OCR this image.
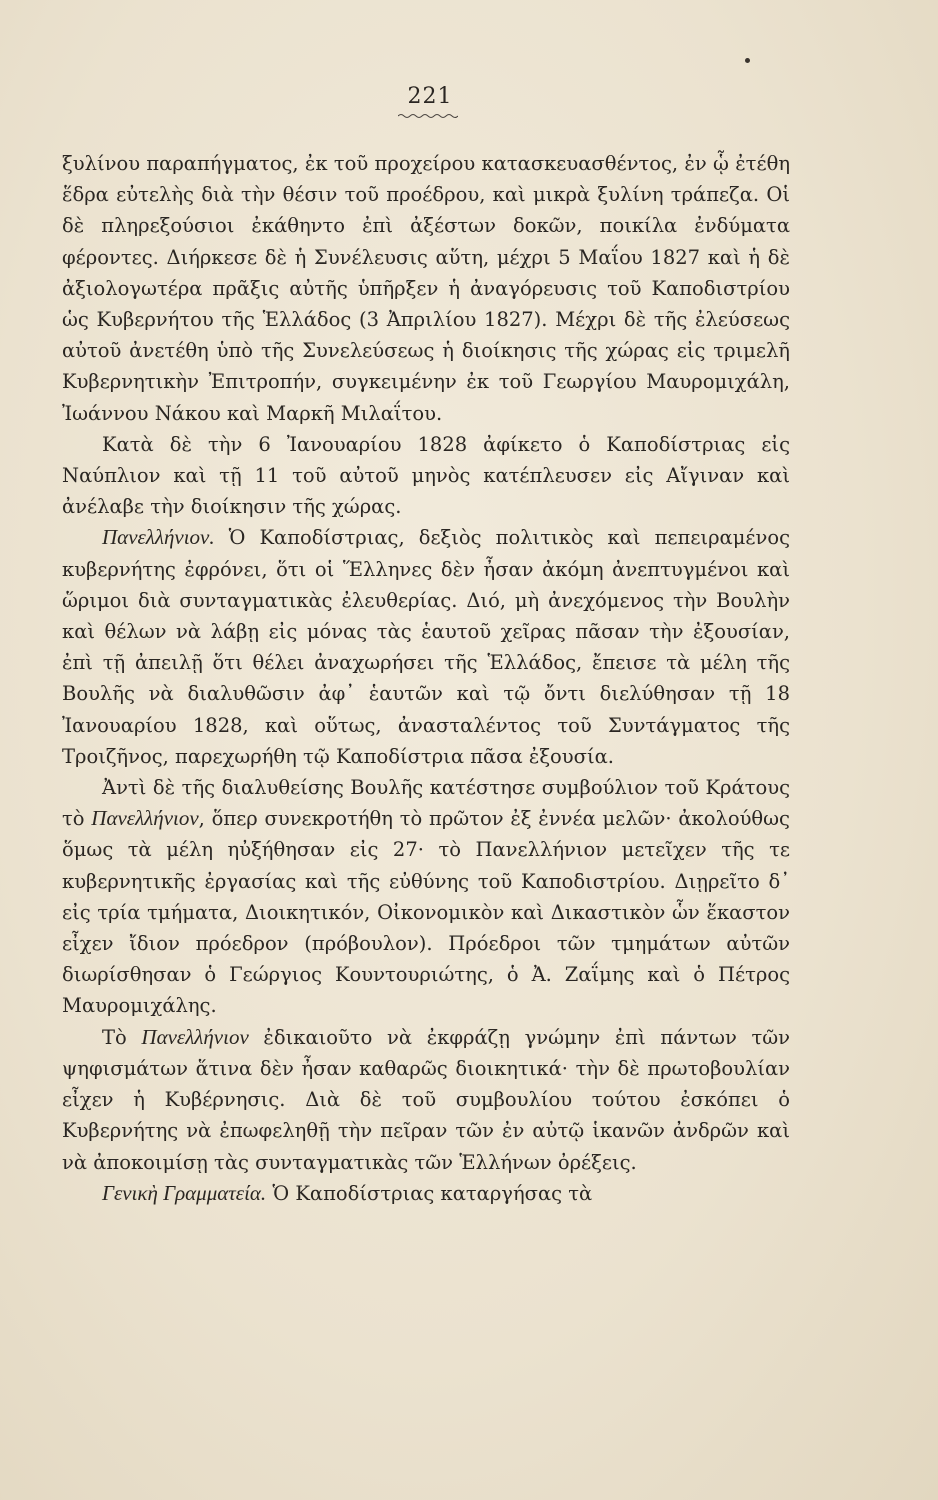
221

ξυλίνου παραπήγματος, ἐκ τοῦ προχείρου κατασκευασθέντος, ἐν ᾧ ἐτέθη ἕδρα εὐτελὴς διὰ τὴν θέσιν τοῦ προέδρου, καὶ μικρὰ ξυλίνη τράπεζα. Οἱ δὲ πληρεξούσιοι ἐκάθηντο ἐπὶ ἀξέστων δοκῶν, ποικίλα ἐνδύματα φέροντες. Διήρκεσε δὲ ἡ Συνέλευσις αὕτη, μέχρι 5 Μαΐου 1827 καὶ ἡ δὲ ἀξιολογωτέρα πρᾶξις αὐτῆς ὑπῆρξεν ἡ ἀναγόρευσις τοῦ Καποδιστρίου ὡς Κυβερνήτου τῆς Ἑλλάδος (3 Ἀπριλίου 1827). Μέχρι δὲ τῆς ἐλεύσεως αὐτοῦ ἀνετέθη ὑπὸ τῆς Συνελεύσεως ἡ διοίκησις τῆς χώρας εἰς τριμελῆ Κυβερνητικὴν Ἐπιτροπήν, συγκειμένην ἐκ τοῦ Γεωργίου Μαυρομιχάλη, Ἰωάννου Νάκου καὶ Μαρκῆ Μιλαΐτου.

Κατὰ δὲ τὴν 6 Ἰανουαρίου 1828 ἀφίκετο ὁ Καποδίστριας εἰς Ναύπλιον καὶ τῇ 11 τοῦ αὐτοῦ μηνὸς κατέπλευσεν εἰς Αἴγιναν καὶ ἀνέλαβε τὴν διοίκησιν τῆς χώρας.

Πανελλήνιον. Ὁ Καποδίστριας, δεξιὸς πολιτικὸς καὶ πεπειραμένος κυβερνήτης ἐφρόνει, ὅτι οἱ Ἕλληνες δὲν ἦσαν ἀκόμη ἀνεπτυγμένοι καὶ ὥριμοι διὰ συνταγματικὰς ἐλευθερίας. Διό, μὴ ἀνεχόμενος τὴν Βουλὴν καὶ θέλων νὰ λάβῃ εἰς μόνας τὰς ἑαυτοῦ χεῖρας πᾶσαν τὴν ἐξουσίαν, ἐπὶ τῇ ἀπειλῇ ὅτι θέλει ἀναχωρήσει τῆς Ἑλλάδος, ἔπεισε τὰ μέλη τῆς Βουλῆς νὰ διαλυθῶσιν ἀφ᾽ ἑαυτῶν καὶ τῷ ὄντι διελύθησαν τῇ 18 Ἰανουαρίου 1828, καὶ οὕτως, ἀνασταλέντος τοῦ Συντάγματος τῆς Τροιζῆνος, παρεχωρήθη τῷ Καποδίστρια πᾶσα ἐξουσία.

Ἀντὶ δὲ τῆς διαλυθείσης Βουλῆς κατέστησε συμβούλιον τοῦ Κράτους τὸ Πανελλήνιον, ὅπερ συνεκροτήθη τὸ πρῶτον ἐξ ἐννέα μελῶν· ἀκολούθως ὅμως τὰ μέλη ηὐξήθησαν εἰς 27· τὸ Πανελλήνιον μετεῖχεν τῆς τε κυβερνητικῆς ἐργασίας καὶ τῆς εὐθύνης τοῦ Καποδιστρίου. Διῃρεῖτο δ᾽ εἰς τρία τμήματα, Διοικητικόν, Οἰκονομικὸν καὶ Δικαστικὸν ὧν ἕκαστον εἶχεν ἴδιον πρόεδρον (πρόβουλον). Πρόεδροι τῶν τμημάτων αὐτῶν διωρίσθησαν ὁ Γεώργιος Κουντουριώτης, ὁ Ἀ. Ζαΐμης καὶ ὁ Πέτρος Μαυρομιχάλης.

Τὸ Πανελλήνιον ἐδικαιοῦτο νὰ ἐκφράζῃ γνώμην ἐπὶ πάντων τῶν ψηφισμάτων ἅτινα δὲν ἦσαν καθαρῶς διοικητικά· τὴν δὲ πρωτοβουλίαν εἶχεν ἡ Κυβέρνησις. Διὰ δὲ τοῦ συμβουλίου τούτου ἐσκόπει ὁ Κυβερνήτης νὰ ἐπωφεληθῇ τὴν πεῖραν τῶν ἐν αὐτῷ ἱκανῶν ἀνδρῶν καὶ νὰ ἀποκοιμίσῃ τὰς συνταγματικὰς τῶν Ἑλλήνων ὀρέξεις.

Γενικὴ Γραμματεία. Ὁ Καποδίστριας καταργήσας τὰ
